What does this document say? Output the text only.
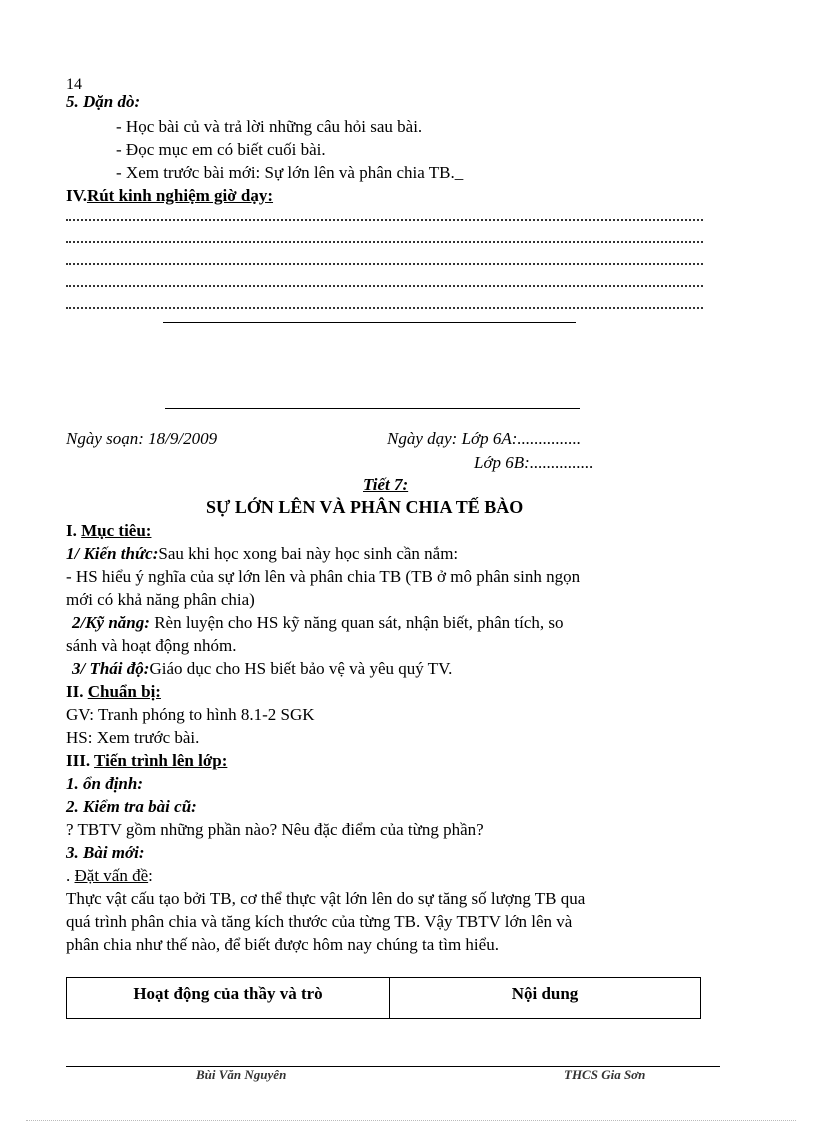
14
5. Dặn dò:
- Học bài củ và trả lời những câu hỏi sau bài.
- Đọc mục em có biết cuối bài.
- Xem trước bài mới: Sự lớn lên và phân chia TB._
IV.Rút kinh nghiệm giờ dạy:
Ngày soạn: 18/9/2009	Ngày dạy: Lớp 6A:...............
Lớp 6B:...............
Tiết 7:
SỰ LỚN LÊN VÀ PHÂN CHIA TẾ BÀO
I. Mục tiêu:
1/ Kiến thức:Sau khi học xong bai này học sinh cần nắm:
- HS hiểu ý nghĩa của sự lớn lên và phân chia TB (TB ở mô phân sinh ngọn
mới có khả năng phân chia)
2/Kỹ năng: Rèn luyện cho HS kỹ năng quan sát, nhận biết, phân tích, so
sánh và hoạt động nhóm.
3/ Thái độ:Giáo dục cho HS biết bảo vệ và yêu quý TV.
II. Chuẩn bị:
GV: Tranh phóng to hình 8.1-2 SGK
HS: Xem trước bài.
III. Tiến trình lên lớp:
1. ổn định:
2. Kiểm tra bài cũ:
? TBTV gồm những phần nào? Nêu đặc điểm của từng phần?
3. Bài mới:
. Đặt vấn đề:
Thực vật cấu tạo bởi TB, cơ thể thực vật lớn lên do sự tăng số lượng TB qua
quá trình phân chia và tăng kích thước của từng TB. Vậy TBTV lớn lên và
phân chia như thế nào, để biết được hôm nay chúng ta tìm hiểu.
Hoạt động của thầy và trò	Nội dung
Bùi Văn Nguyên	THCS Gia Sơn
